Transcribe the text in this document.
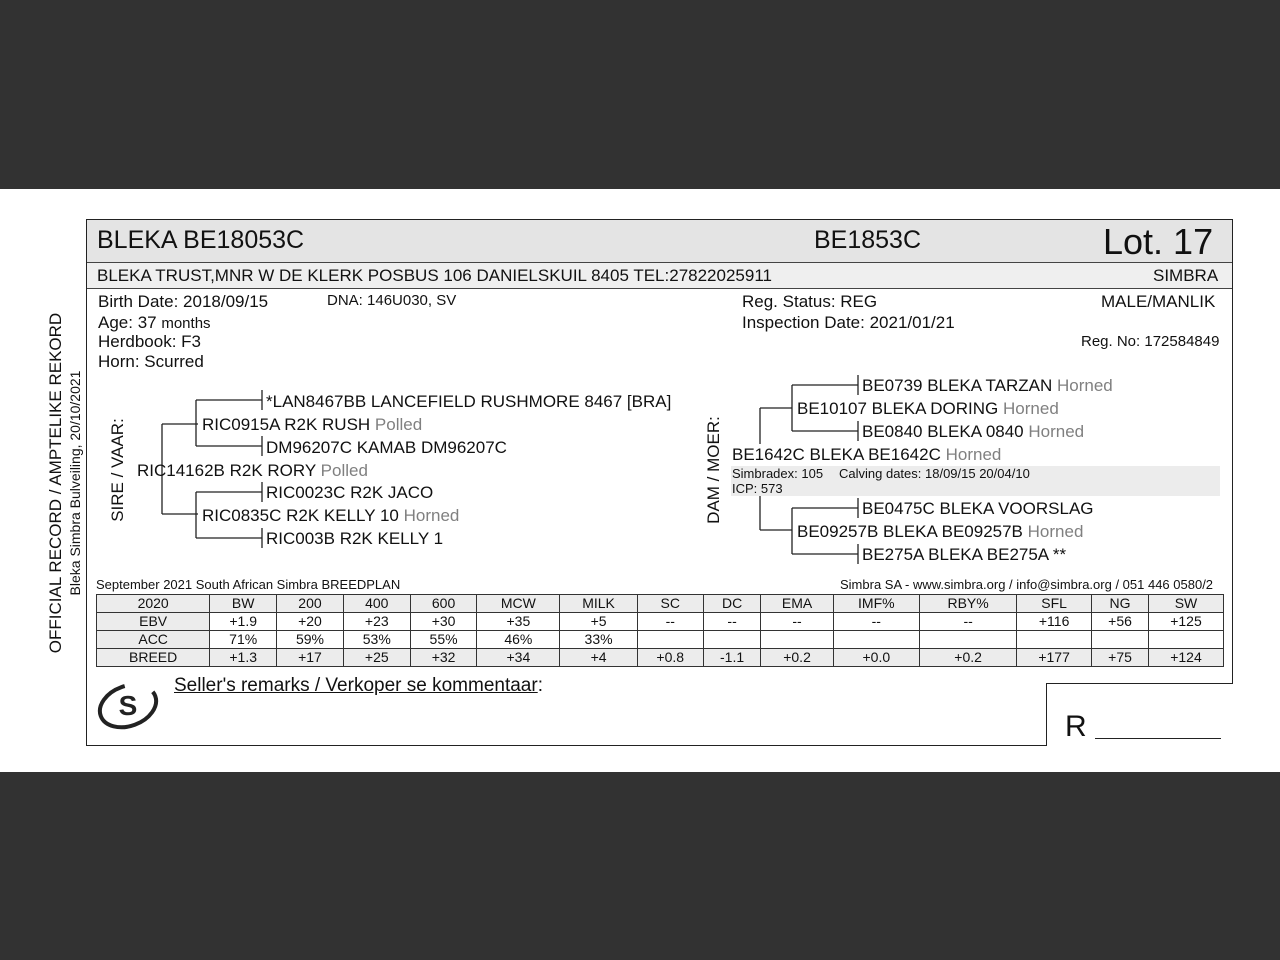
BLEKA BE18053C	BE1853C	Lot. 17
BLEKA TRUST,MNR W DE KLERK POSBUS 106 DANIELSKUIL 8405 TEL:27822025911	SIMBRA
Birth Date: 2018/09/15	DNA: 146U030, SV
Age: 37 months
Herdbook: F3
Horn: Scurred
Reg. Status: REG
Inspection Date: 2021/01/21
MALE/MANLIK
Reg. No: 172584849
OFFICIAL RECORD / AMPTELIKE REKORD Bleka Simbra Bulveiling, 20/10/2021 SIRE / VAAR:	DAM / MOER:
*LAN8467BB LANCEFIELD RUSHMORE 8467 [BRA]
RIC0915A R2K RUSH Polled
DM96207C KAMAB DM96207C
RIC14162B R2K RORY Polled
RIC0023C R2K JACO
RIC0835C R2K KELLY 10 Horned
RIC003B R2K KELLY 1
BE0739 BLEKA TARZAN Horned
BE10107 BLEKA DORING Horned
BE0840 BLEKA 0840 Horned
BE1642C BLEKA BE1642C Horned
Simbradex: 105 Calving dates: 18/09/15 20/04/10
ICP: 573
BE0475C BLEKA VOORSLAG
BE09257B BLEKA BE09257B Horned
BE275A BLEKA BE275A **
September 2021 South African Simbra BREEDPLAN	Simbra SA - www.simbra.org / info@simbra.org / 051 446 0580/2
2020	BW	200	400	600	MCW	MILK	SC	DC	EMA	IMF%	RBY%	SFL	NG	SW
EBV	+1.9	+20	+23	+30	+35	+5	--	--	--	--	--	+116	+56	+125
ACC	71%	59%	53%	55%	46%	33%								
BREED	+1.3	+17	+25	+32	+34	+4	+0.8	-1.1	+0.2	+0.0	+0.2	+177	+75	+124
S
Seller's remarks / Verkoper se kommentaar:
R
